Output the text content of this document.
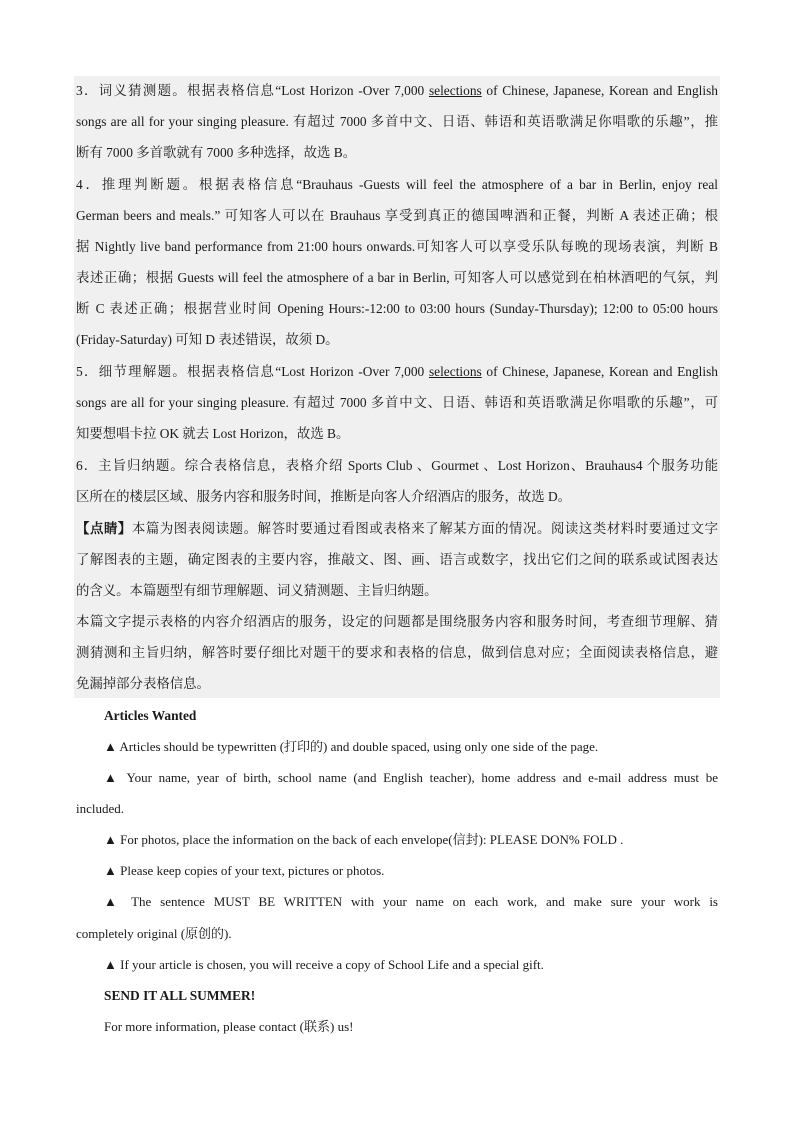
3．词义猜测题。根据表格信息“Lost Horizon -Over 7,000 selections of Chinese, Japanese, Korean and English
songs are all for your singing pleasure. 有超过 7000 多首中文、日语、韩语和英语歌满足你唱歌的乐趣”，推
断有 7000 多首歌就有 7000 多种选择，故选 B。
4．推理判断题。根据表格信息“Brauhaus -Guests will feel the atmosphere of a bar in Berlin, enjoy real
German beers and meals.” 可知客人可以在 Brauhaus 享受到真正的德国啤酒和正餐，判断 A 表述正确；根
据 Nightly live band performance from 21:00 hours onwards.可知客人可以享受乐队每晚的现场表演，判断 B
表述正确；根据 Guests will feel the atmosphere of a bar in Berlin, 可知客人可以感觉到在柏林酒吧的气氛，判
断 C 表述正确；根据营业时间 Opening Hours:-12:00 to 03:00 hours (Sunday-Thursday); 12:00 to 05:00 hours
(Friday-Saturday) 可知 D 表述错误，故须 D。
5．细节理解题。根据表格信息“Lost Horizon -Over 7,000 selections of Chinese, Japanese, Korean and English
songs are all for your singing pleasure. 有超过 7000 多首中文、日语、韩语和英语歌满足你唱歌的乐趣”，可
知要想唱卡拉 OK 就去 Lost Horizon，故选 B。
6．主旨归纳题。综合表格信息，表格介绍 Sports Club 、Gourmet 、Lost Horizon、Brauhaus4 个服务功能
区所在的楼层区域、服务内容和服务时间，推断是向客人介绍酒店的服务，故选 D。
【点睛】本篇为图表阅读题。解答时要通过看图或表格来了解某方面的情况。阅读这类材料时要通过文字
了解图表的主题，确定图表的主要内容，推敲文、图、画、语言或数字，找出它们之间的联系或试图表达
的含义。本篇题型有细节理解题、词义猜测题、主旨归纳题。
本篇文字提示表格的内容介绍酒店的服务，设定的问题都是围绕服务内容和服务时间，考查细节理解、猜
测猜测和主旨归纳，解答时要仔细比对题干的要求和表格的信息，做到信息对应；全面阅读表格信息，避
免漏掉部分表格信息。
Articles Wanted
▲ Articles should be typewritten (打印的) and double spaced, using only one side of the page.
▲ Your name, year of birth, school name (and English teacher), home address and e-mail address must be
included.
▲ For photos, place the information on the back of each envelope(信封): PLEASE DON% FOLD .
▲ Please keep copies of your text, pictures or photos.
▲ The sentence MUST BE WRITTEN with your name on each work, and make sure your work is
completely original (原创的).
▲ If your article is chosen, you will receive a copy of School Life and a special gift.
SEND IT ALL SUMMER!
For more information, please contact (联系) us!
